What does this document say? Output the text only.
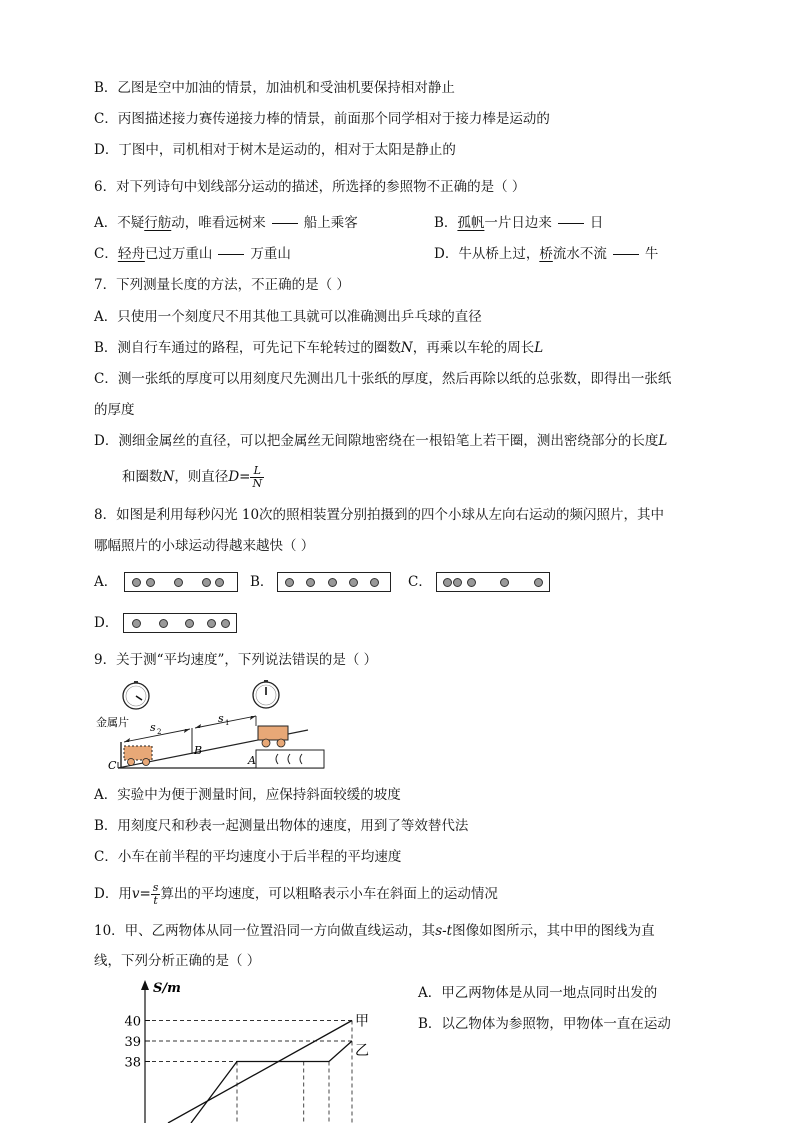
B．乙图是空中加油的情景，加油机和受油机要保持相对静止
C．丙图描述接力赛传递接力棒的情景，前面那个同学相对于接力棒是运动的
D．丁图中，司机相对于树木是运动的，相对于太阳是静止的
6．对下列诗句中划线部分运动的描述，所选择的参照物不正确的是（ ）
A．不疑行舫动，唯看远树来	船上乘客	B．孤帆一片日边来	日
C．轻舟已过万重山	万重山	D．牛从桥上过，桥流水不流	牛
7．下列测量长度的方法，不正确的是（ ）
A．只使用一个刻度尺不用其他工具就可以准确测出乒乓球的直径
B．测自行车通过的路程，可先记下车轮转过的圈数N，再乘以车轮的周长L
C．测一张纸的厚度可以用刻度尺先测出几十张纸的厚度，然后再除以纸的总张数，即得出一张纸
的厚度
D．测细金属丝的直径，可以把金属丝无间隙地密绕在一根铅笔上若干圈，测出密绕部分的长度L
和圈数N，则直径$D= \frac{L}{N}$
8．如图是利用每秒闪光 10次的照相装置分别拍摄到的四个小球从左向右运动的频闪照片，其中
哪幅照片的小球运动得越来越快（ ）
A．	B．	C．
D．
9．关于测“平均速度”，下列说法错误的是（ ）
金属片 s 2
s 1
B
A
C
A．实验中为便于测量时间，应保持斜面较缓的坡度
B．用刻度尺和秒表一起测量出物体的速度，用到了等效替代法
C．小车在前半程的平均速度小于后半程的平均速度
D．用$v= \frac{s}{t}$ 算出的平均速度，可以粗略表示小车在斜面上的运动情况
10．甲、乙两物体从同一位置沿同一方向做直线运动，其s-t图像如图所示，其中甲的图线为直
线，下列分析正确的是（ ）
S/m
38
39
40	甲
乙
A．甲乙两物体是从同一地点同时出发的
B．以乙物体为参照物，甲物体一直在运动
